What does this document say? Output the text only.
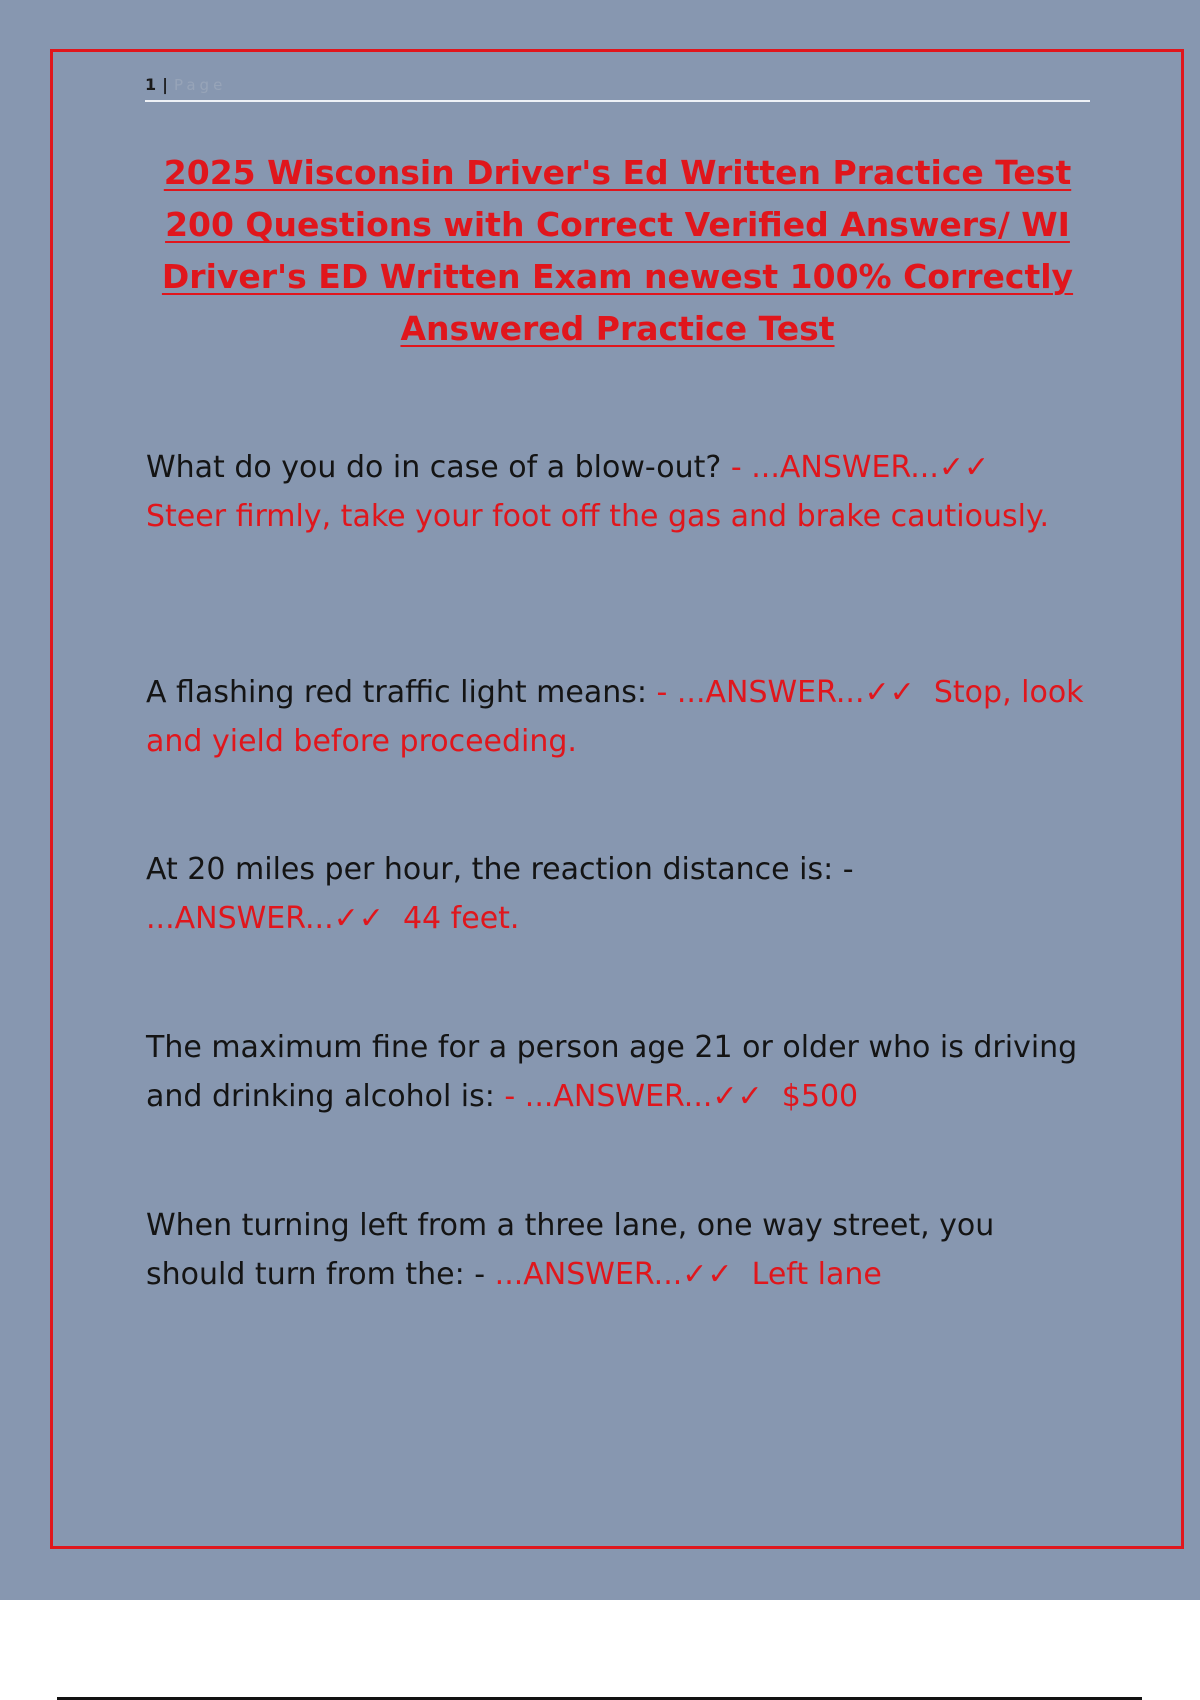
1 | Page
2025 Wisconsin Driver's Ed Written Practice Test 200 Questions with Correct Verified Answers/ WI Driver's ED Written Exam newest 100% Correctly Answered Practice Test

What do you do in case of a blow-out? - ...ANSWER...✓✓
Steer firmly, take your foot off the gas and brake cautiously.

A flashing red traffic light means: - ...ANSWER...✓✓ Stop, look and yield before proceeding.

At 20 miles per hour, the reaction distance is: -
...ANSWER...✓✓ 44 feet.

The maximum fine for a person age 21 or older who is driving and drinking alcohol is: - ...ANSWER...✓✓ $500

When turning left from a three lane, one way street, you should turn from the: - ...ANSWER...✓✓ Left lane
